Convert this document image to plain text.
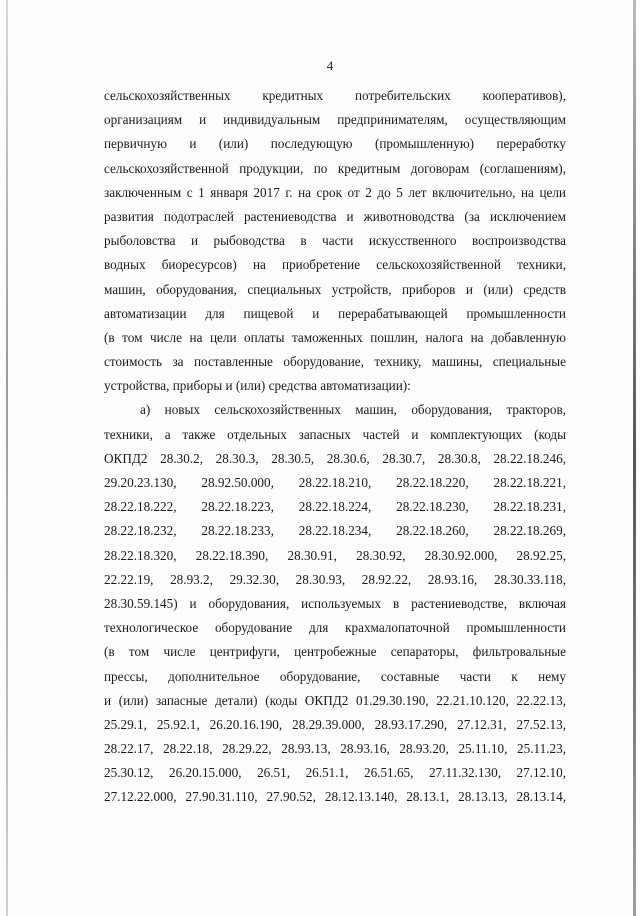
4
сельскохозяйственных кредитных потребительских кооперативов),
организациям и индивидуальным предпринимателям, осуществляющим
первичную и (или) последующую (промышленную) переработку
сельскохозяйственной продукции, по кредитным договорам (соглашениям),
заключенным с 1 января 2017 г. на срок от 2 до 5 лет включительно, на цели
развития подотраслей растениеводства и животноводства (за исключением
рыболовства и рыбоводства в части искусственного воспроизводства
водных биоресурсов) на приобретение сельскохозяйственной техники,
машин, оборудования, специальных устройств, приборов и (или) средств
автоматизации для пищевой и перерабатывающей промышленности
(в том числе на цели оплаты таможенных пошлин, налога на добавленную
стоимость за поставленные оборудование, технику, машины, специальные
устройства, приборы и (или) средства автоматизации):
а) новых сельскохозяйственных машин, оборудования, тракторов,
техники, а также отдельных запасных частей и комплектующих (коды
ОКПД2 28.30.2, 28.30.3, 28.30.5, 28.30.6, 28.30.7, 28.30.8, 28.22.18.246,
29.20.23.130, 28.92.50.000, 28.22.18.210, 28.22.18.220, 28.22.18.221,
28.22.18.222, 28.22.18.223, 28.22.18.224, 28.22.18.230, 28.22.18.231,
28.22.18.232, 28.22.18.233, 28.22.18.234, 28.22.18.260, 28.22.18.269,
28.22.18.320, 28.22.18.390, 28.30.91, 28.30.92, 28.30.92.000, 28.92.25,
22.22.19, 28.93.2, 29.32.30, 28.30.93, 28.92.22, 28.93.16, 28.30.33.118,
28.30.59.145) и оборудования, используемых в растениеводстве, включая
технологическое оборудование для крахмалопаточной промышленности
(в том числе центрифуги, центробежные сепараторы, фильтровальные
прессы, дополнительное оборудование, составные части к нему
и (или) запасные детали) (коды ОКПД2 01.29.30.190, 22.21.10.120, 22.22.13,
25.29.1, 25.92.1, 26.20.16.190, 28.29.39.000, 28.93.17.290, 27.12.31, 27.52.13,
28.22.17, 28.22.18, 28.29.22, 28.93.13, 28.93.16, 28.93.20, 25.11.10, 25.11.23,
25.30.12, 26.20.15.000, 26.51, 26.51.1, 26.51.65, 27.11.32.130, 27.12.10,
27.12.22.000, 27.90.31.110, 27.90.52, 28.12.13.140, 28.13.1, 28.13.13, 28.13.14,
